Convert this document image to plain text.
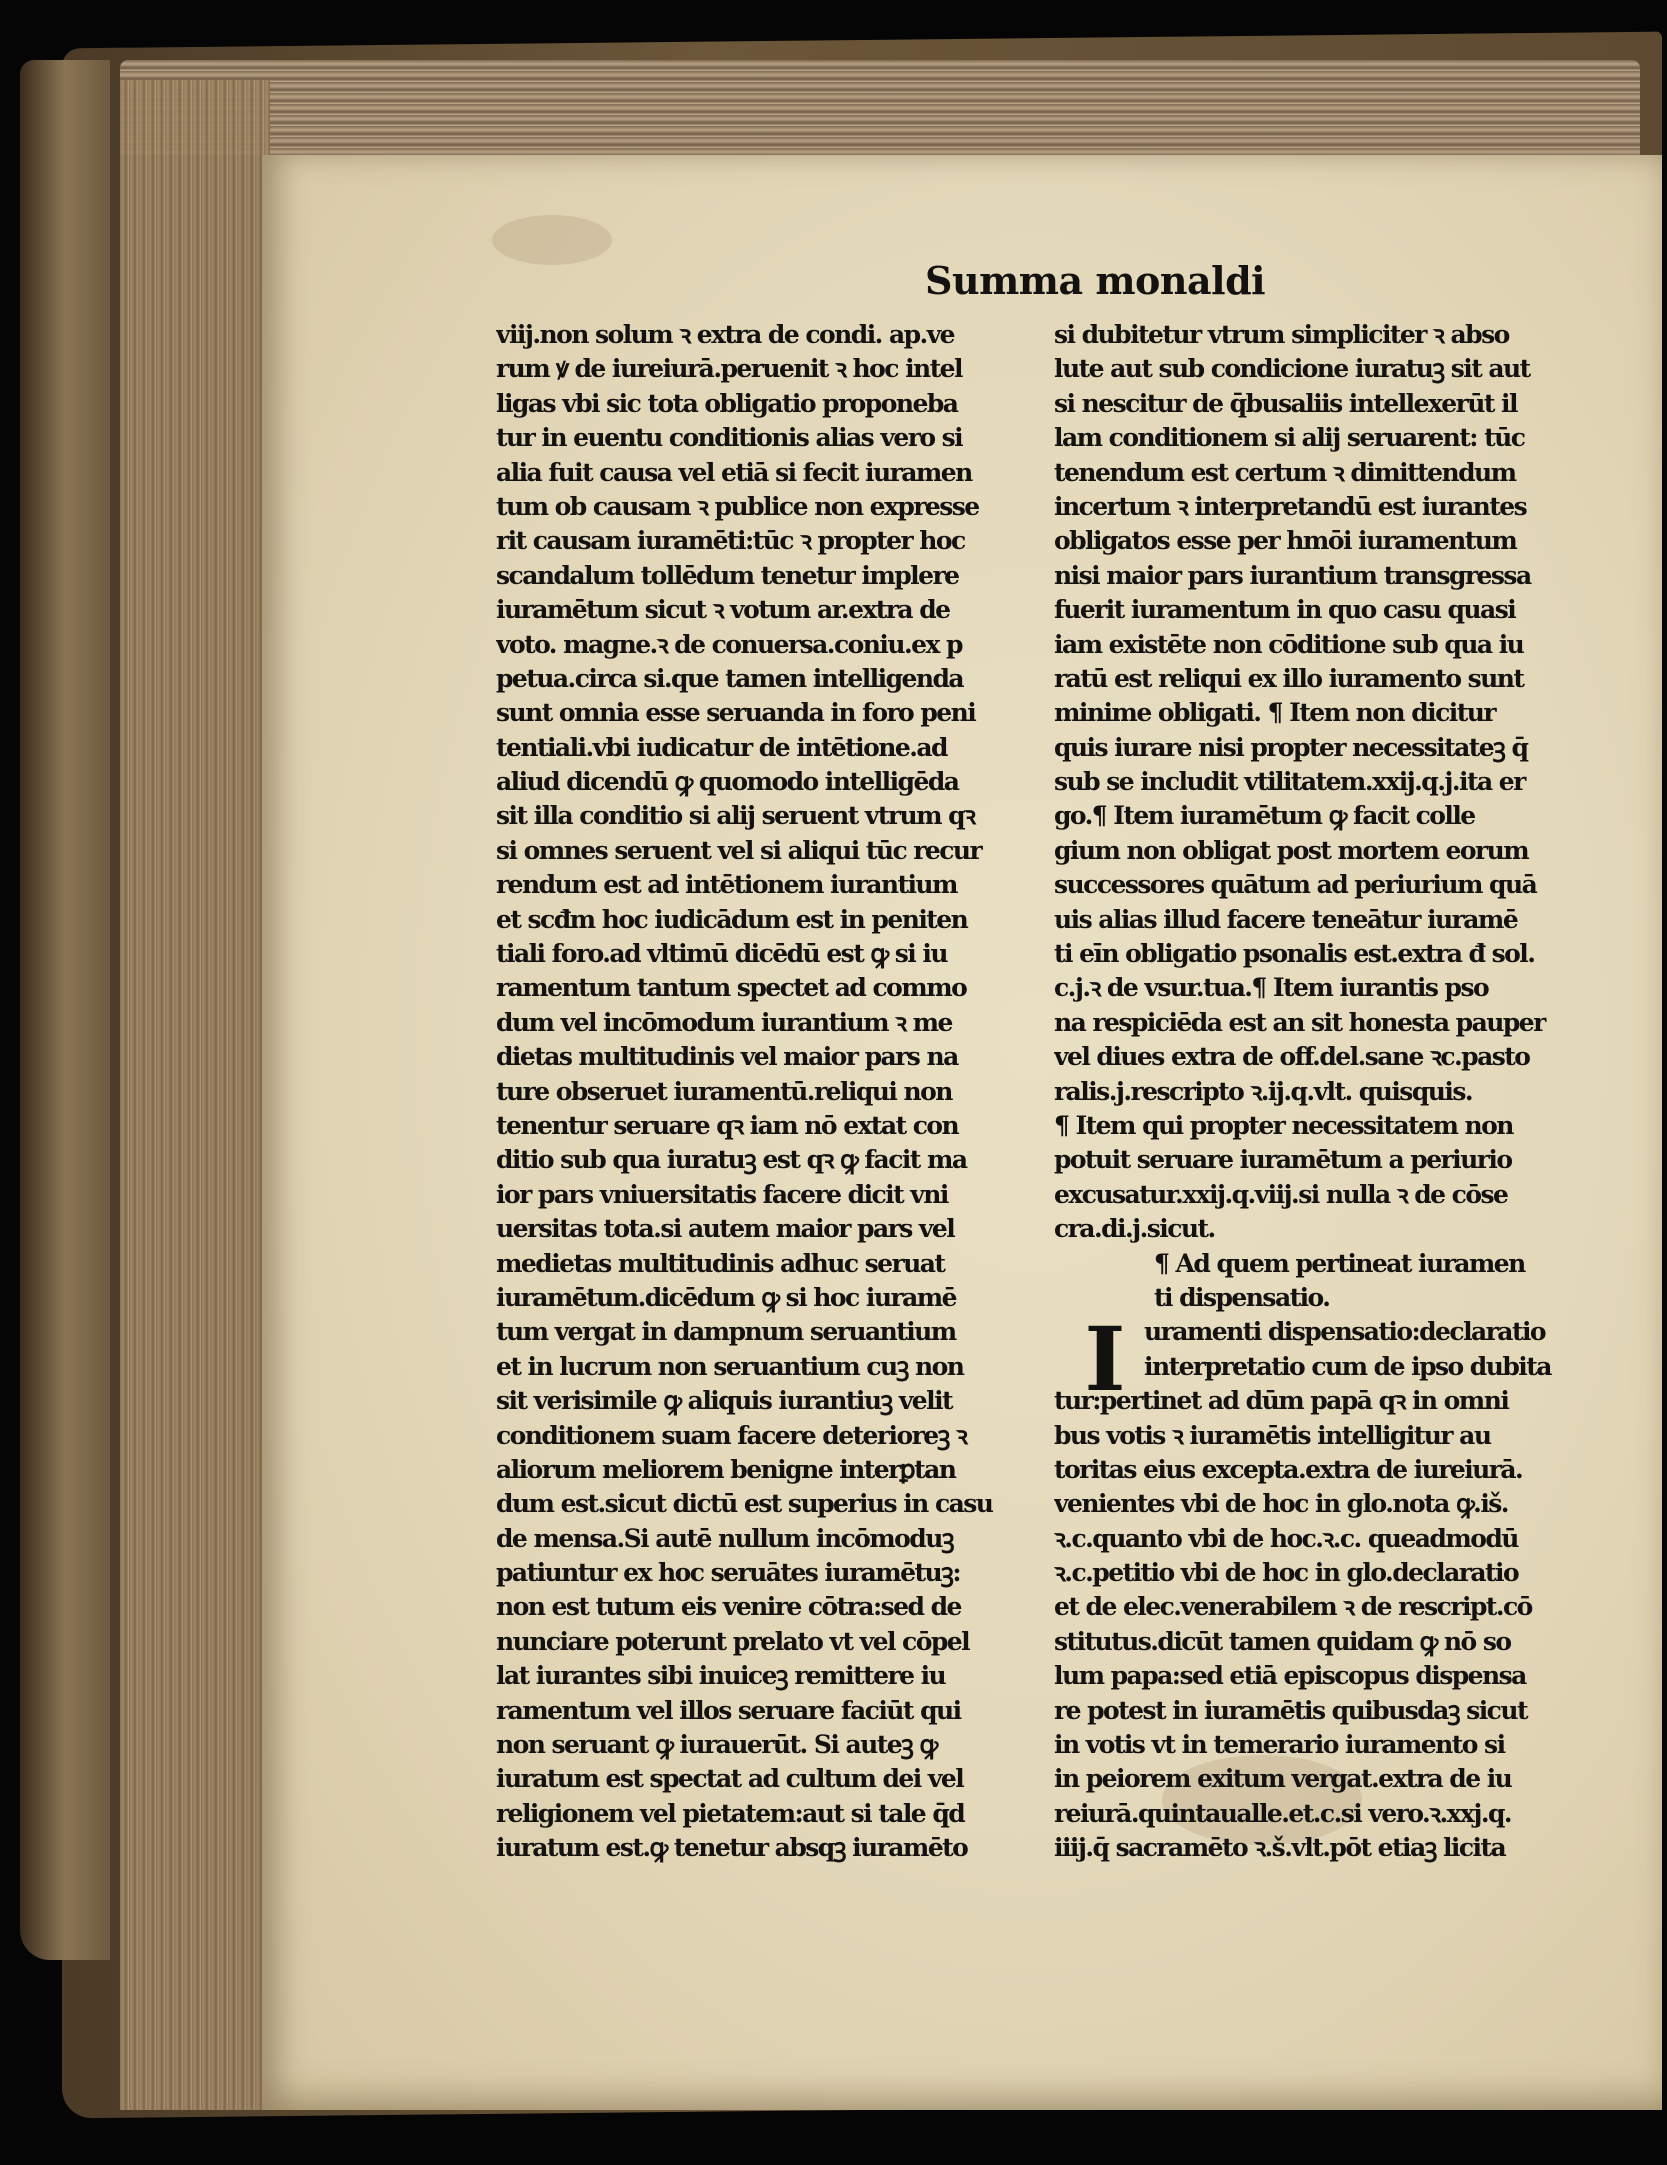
Summa monaldi
I
viij.non solum ꝛ extra de condi. ap.ve
rum ꝟ de iureiurā.peruenit ꝛ hoc intel
ligas vbi sic tota obligatio proponeba
tur in euentu conditionis alias vero si
alia fuit causa vel etiā si fecit iuramen
tum ob causam ꝛ publice non expresse
rit causam iuramēti:tūc ꝛ propter hoc
scandalum tollēdum tenetur implere
iuramētum sicut ꝛ votum ar.extra de
voto. magne.ꝛ de conuersa.coniu.ex p
petua.circa si.que tamen intelligenda
sunt omnia esse seruanda in foro peni
tentiali.vbi iudicatur de intētione.ad
aliud dicendū ꝙ quomodo intelligēda
sit illa conditio si alij seruent vtrum qꝛ
si omnes seruent vel si aliqui tūc recur
rendum est ad intētionem iurantium
et scđm hoc iudicādum est in peniten
tiali foro.ad vltimū dicēdū est ꝙ si iu
ramentum tantum spectet ad commo
dum vel incōmodum iurantium ꝛ me
dietas multitudinis vel maior pars na
ture obseruet iuramentū.reliqui non
tenentur seruare qꝛ iam nō extat con
ditio sub qua iuratuꝫ est qꝛ ꝙ facit ma
ior pars vniuersitatis facere dicit vni
uersitas tota.si autem maior pars vel
medietas multitudinis adhuc seruat
iuramētum.dicēdum ꝙ si hoc iuramē
tum vergat in dampnum seruantium
et in lucrum non seruantium cuꝫ non
sit verisimile ꝙ aliquis iurantiuꝫ velit
conditionem suam facere deterioreꝫ ꝛ
aliorum meliorem benigne interꝑtan
dum est.sicut dictū est superius in casu
de mensa.Si autē nullum incōmoduꝫ
patiuntur ex hoc seruātes iuramētuꝫ:
non est tutum eis venire cōtra:sed de
nunciare poterunt prelato vt vel cōpel
lat iurantes sibi inuiceꝫ remittere iu
ramentum vel illos seruare faciūt qui
non seruant ꝙ iurauerūt. Si auteꝫ ꝙ
iuratum est spectat ad cultum dei vel
religionem vel pietatem:aut si tale q̄d
iuratum est.ꝙ tenetur absqꝫ iuramēto
si dubitetur vtrum simpliciter ꝛ abso
lute aut sub condicione iuratuꝫ sit aut
si nescitur de q̄busaliis intellexerūt il
lam conditionem si alij seruarent: tūc
tenendum est certum ꝛ dimittendum
incertum ꝛ interpretandū est iurantes
obligatos esse per hmōi iuramentum
nisi maior pars iurantium transgressa
fuerit iuramentum in quo casu quasi
iam existēte non cōditione sub qua iu
ratū est reliqui ex illo iuramento sunt
minime obligati. ¶ Item non dicitur
quis iurare nisi propter necessitateꝫ q̄
sub se includit vtilitatem.xxij.q.j.ita er
go.¶ Item iuramētum ꝙ facit colle
gium non obligat post mortem eorum
successores quātum ad periurium quā
uis alias illud facere teneātur iuramē
ti eīn obligatio psonalis est.extra đ sol.
c.j.ꝛ de vsur.tua.¶ Item iurantis pso
na respiciēda est an sit honesta pauper
vel diues extra de off.del.sane ꝛc.pasto
ralis.j.rescripto ꝛ.ij.q.vlt. quisquis.
¶ Item qui propter necessitatem non
potuit seruare iuramētum a periurio
excusatur.xxij.q.viij.si nulla ꝛ de cōse
cra.di.j.sicut.
¶ Ad quem pertineat iuramen
ti dispensatio.
uramenti dispensatio:declaratio
interpretatio cum de ipso dubita
tur:pertinet ad dūm papā qꝛ in omni
bus votis ꝛ iuramētis intelligitur au
toritas eius excepta.extra de iureiurā.
venientes vbi de hoc in glo.nota ꝙ.iš.
ꝛ.c.quanto vbi de hoc.ꝛ.c. queadmodū
ꝛ.c.petitio vbi de hoc in glo.declaratio
et de elec.venerabilem ꝛ de rescript.cō
stitutus.dicūt tamen quidam ꝙ nō so
lum papa:sed etiā episcopus dispensa
re potest in iuramētis quibusdaꝫ sicut
in votis vt in temerario iuramento si
in peiorem exitum vergat.extra de iu
reiurā.quintaualle.et.c.si vero.ꝛ.xxj.q.
iiij.q̄ sacramēto ꝛ.š.vlt.pōt etiaꝫ licita
